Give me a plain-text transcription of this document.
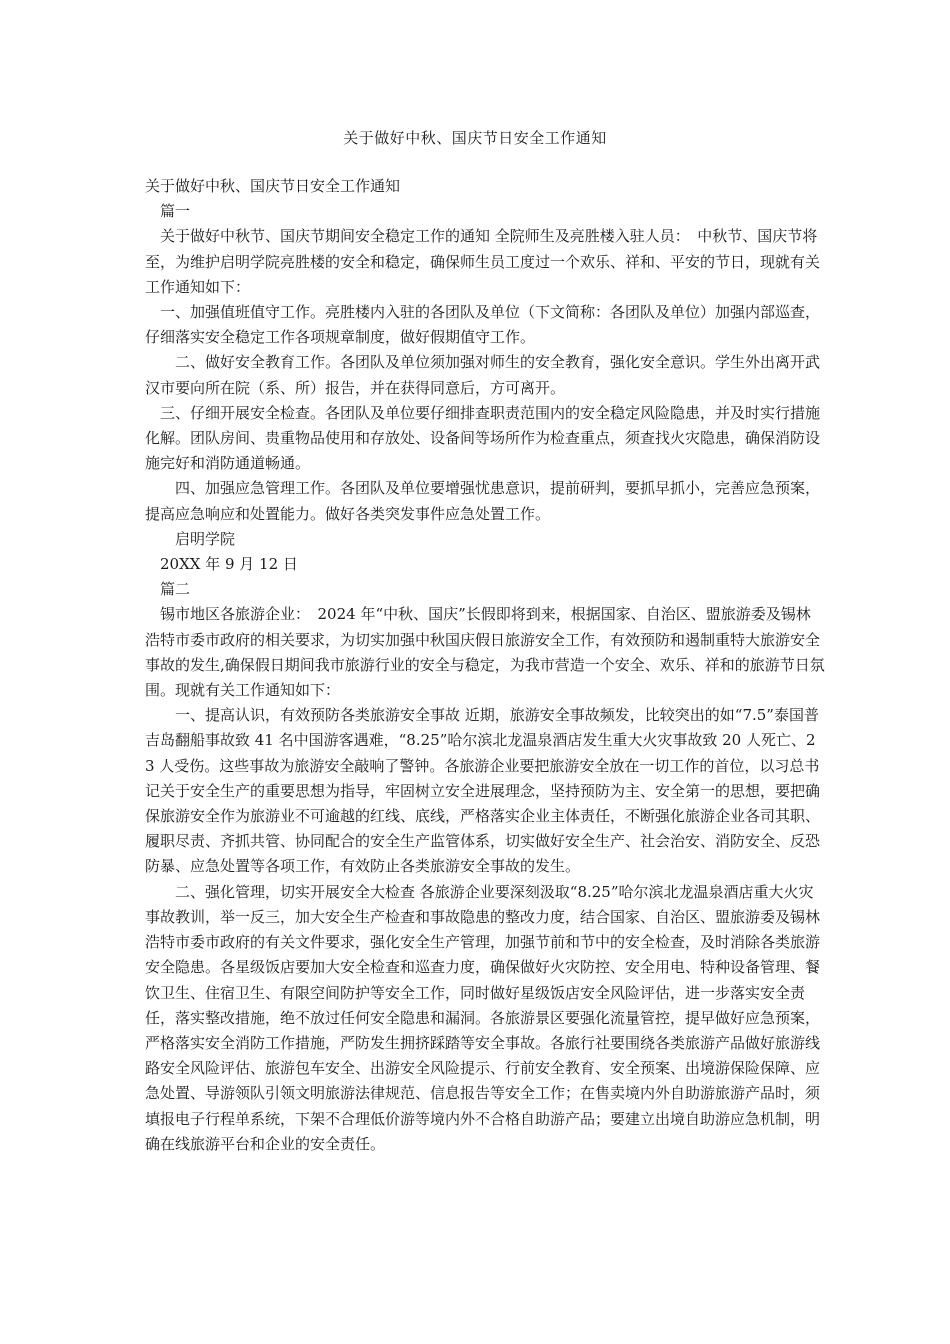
关于做好中秋、国庆节日安全工作通知

关于做好中秋、国庆节日安全工作通知

　篇一

　关于做好中秋节、国庆节期间安全稳定工作的通知 全院师生及亮胜楼入驻人员：　中秋节、国庆节将至，为维护启明学院亮胜楼的安全和稳定，确保师生员工度过一个欢乐、祥和、平安的节日，现就有关工作通知如下：

　一、加强值班值守工作。亮胜楼内入驻的各团队及单位（下文简称：各团队及单位）加强内部巡查，仔细落实安全稳定工作各项规章制度，做好假期值守工作。

　　二、做好安全教育工作。各团队及单位须加强对师生的安全教育，强化安全意识。学生外出离开武汉市要向所在院（系、所）报告，并在获得同意后，方可离开。

　三、仔细开展安全检查。各团队及单位要仔细排查职责范围内的安全稳定风险隐患，并及时实行措施化解。团队房间、贵重物品使用和存放处、设备间等场所作为检查重点，须查找火灾隐患，确保消防设施完好和消防通道畅通。

　　四、加强应急管理工作。各团队及单位要增强忧患意识，提前研判，要抓早抓小，完善应急预案，提高应急响应和处置能力。做好各类突发事件应急处置工作。

　　启明学院

　20XX 年 9 月 12 日

　篇二

　锡市地区各旅游企业：　2024 年“中秋、国庆”长假即将到来，根据国家、自治区、盟旅游委及锡林浩特市委市政府的相关要求，为切实加强中秋国庆假日旅游安全工作，有效预防和遏制重特大旅游安全事故的发生,确保假日期间我市旅游行业的安全与稳定，为我市营造一个安全、欢乐、祥和的旅游节日氛围。现就有关工作通知如下：

　　一、提高认识，有效预防各类旅游安全事故 近期，旅游安全事故频发，比较突出的如“7.5”泰国普吉岛翻船事故致 41 名中国游客遇难，“8.25”哈尔滨北龙温泉酒店发生重大火灾事故致 20 人死亡、23 人受伤。这些事故为旅游安全敲响了警钟。各旅游企业要把旅游安全放在一切工作的首位，以习总书记关于安全生产的重要思想为指导，牢固树立安全进展理念，坚持预防为主、安全第一的思想，要把确保旅游安全作为旅游业不可逾越的红线、底线，严格落实企业主体责任，不断强化旅游企业各司其职、履职尽责、齐抓共管、协同配合的安全生产监管体系，切实做好安全生产、社会治安、消防安全、反恐防暴、应急处置等各项工作，有效防止各类旅游安全事故的发生。

　　二、强化管理，切实开展安全大检查 各旅游企业要深刻汲取“8.25”哈尔滨北龙温泉酒店重大火灾事故教训，举一反三，加大安全生产检查和事故隐患的整改力度，结合国家、自治区、盟旅游委及锡林浩特市委市政府的有关文件要求，强化安全生产管理，加强节前和节中的安全检查，及时消除各类旅游安全隐患。各星级饭店要加大安全检查和巡查力度，确保做好火灾防控、安全用电、特种设备管理、餐饮卫生、住宿卫生、有限空间防护等安全工作，同时做好星级饭店安全风险评估，进一步落实安全责任，落实整改措施，绝不放过任何安全隐患和漏洞。各旅游景区要强化流量管控，提早做好应急预案，严格落实安全消防工作措施，严防发生拥挤踩踏等安全事故。各旅行社要围绕各类旅游产品做好旅游线路安全风险评估、旅游包车安全、出游安全风险提示、行前安全教育、安全预案、出境游保险保障、应急处置、导游领队引领文明旅游法律规范、信息报告等安全工作；在售卖境内外自助游旅游产品时，须填报电子行程单系统，下架不合理低价游等境内外不合格自助游产品；要建立出境自助游应急机制，明确在线旅游平台和企业的安全责任。
